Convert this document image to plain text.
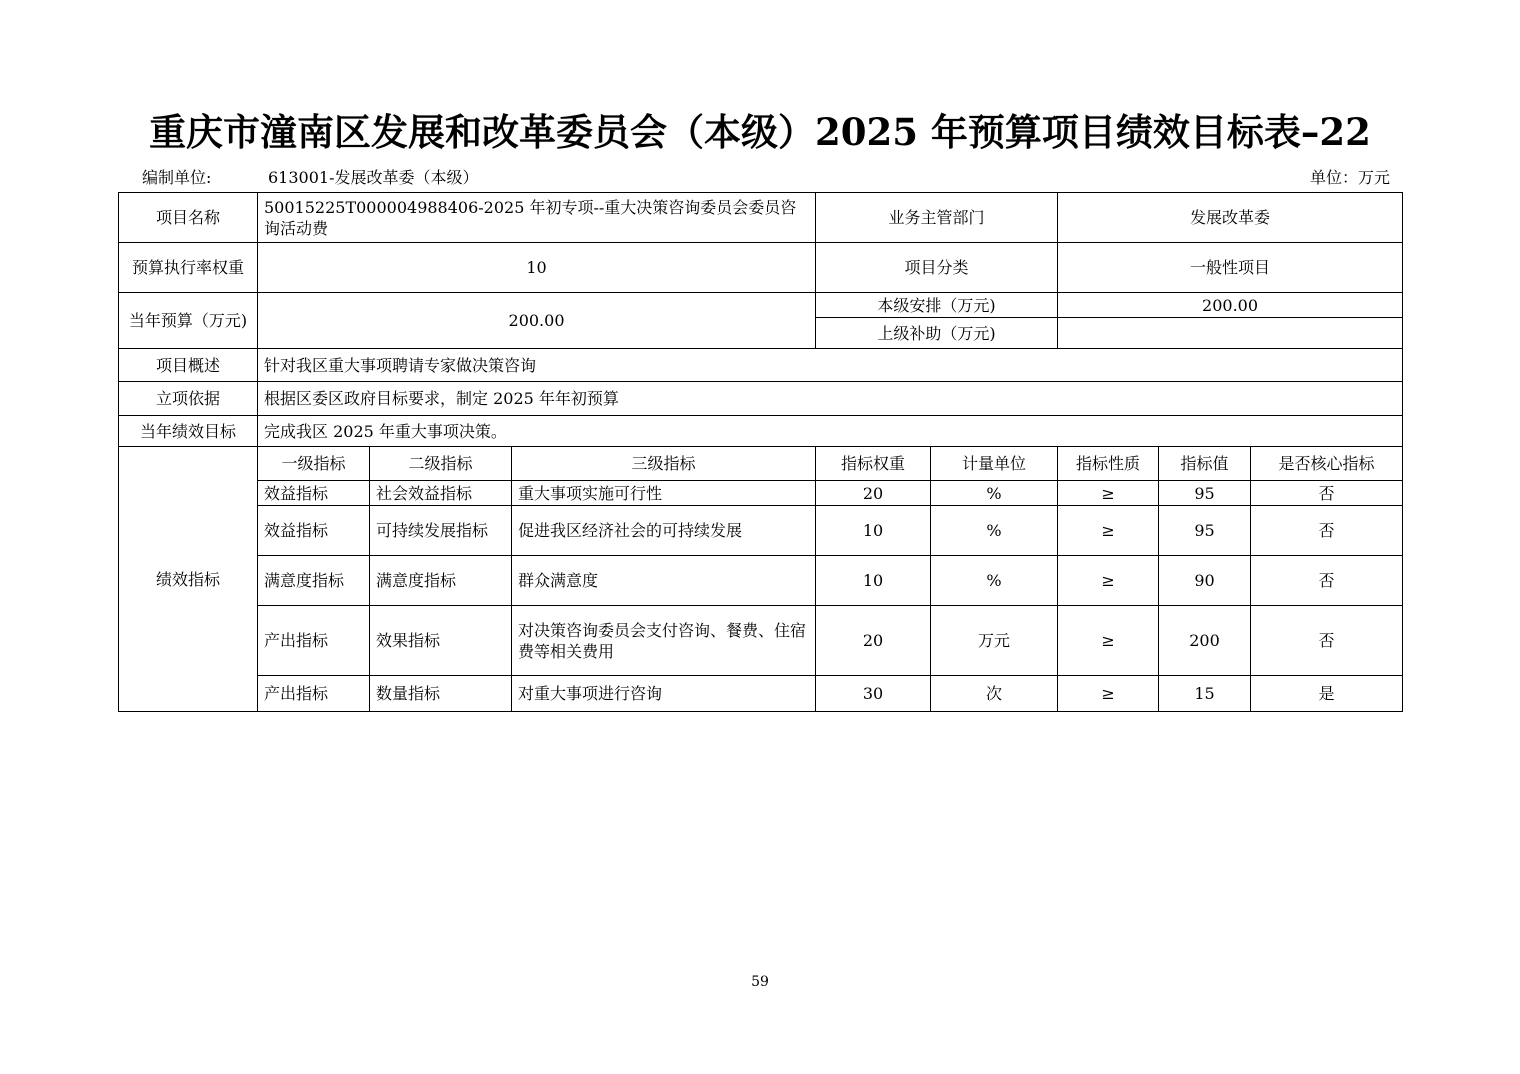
重庆市潼南区发展和改革委员会（本级）2025 年预算项目绩效目标表–22
编制单位:	613001-发展改革委（本级）	单位：万元
项目名称	50015225T000004988406-2025 年初专项--重大决策咨询委员会委员咨询活动费			业务主管部门		发展改革委		
预算执行率权重	10			项目分类		一般性项目		
当年预算（万元)	200.00			本级安排（万元)		200.00		
				上级补助（万元)				
项目概述	针对我区重大事项聘请专家做决策咨询							
立项依据	根据区委区政府目标要求，制定 2025 年年初预算							
当年绩效目标	完成我区 2025 年重大事项决策。							
绩效指标	一级指标	二级指标	三级指标	指标权重	计量单位	指标性质	指标值	是否核心指标
	效益指标	社会效益指标	重大事项实施可行性	20	%	≥	95	否
	效益指标	可持续发展指标	促进我区经济社会的可持续发展	10	%	≥	95	否
	满意度指标	满意度指标	群众满意度	10	%	≥	90	否
	产出指标	效果指标	对决策咨询委员会支付咨询、餐费、住宿费等相关费用	20	万元	≥	200	否
	产出指标	数量指标	对重大事项进行咨询	30	次	≥	15	是
59
